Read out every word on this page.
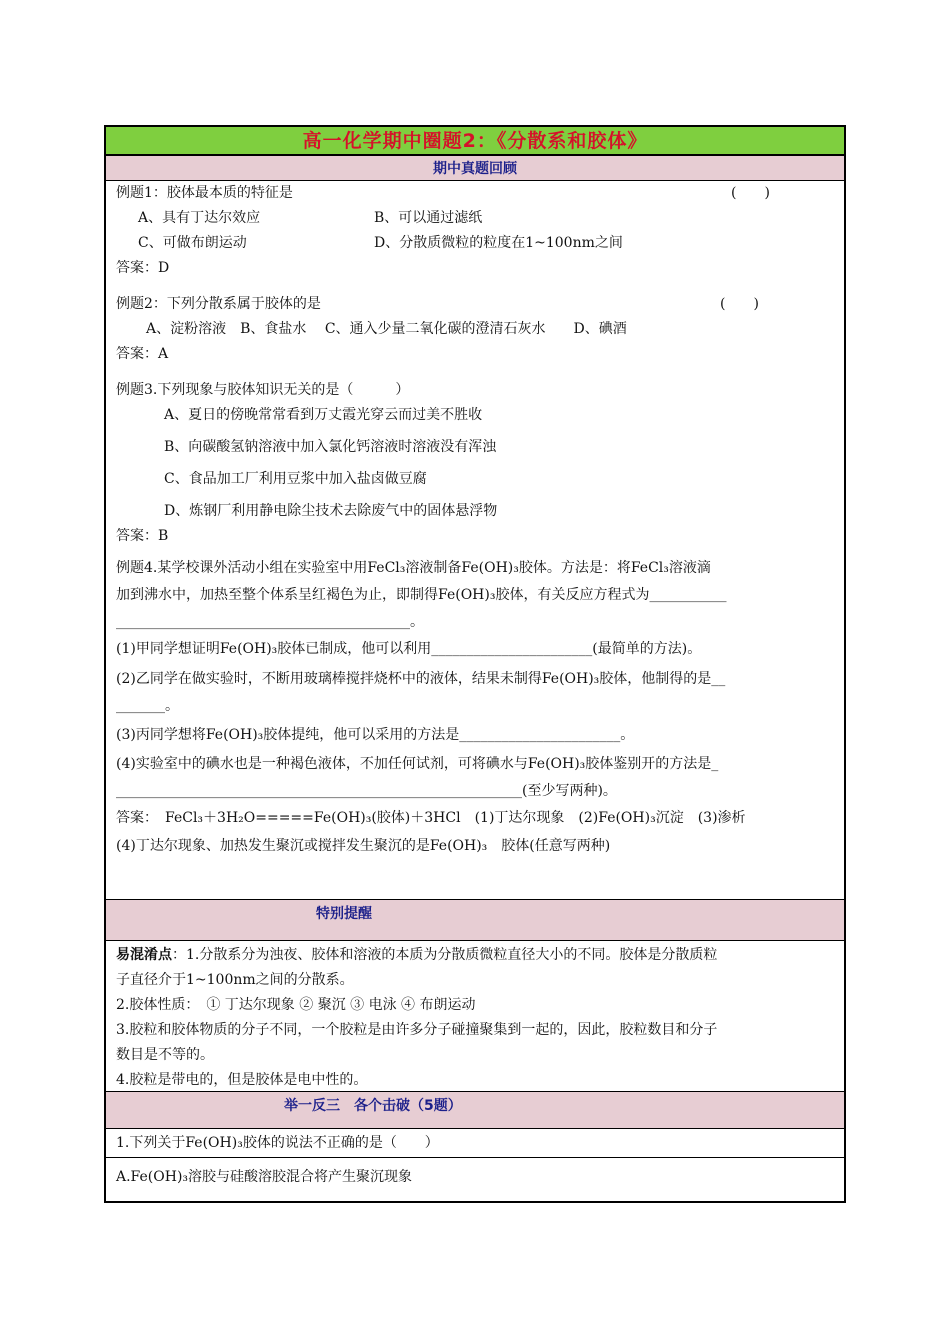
高一化学期中圈题2：《分散系和胶体》
期中真题回顾
例题1：胶体最本质的特征是	(　　)
A、具有丁达尔效应	B、可以通过滤纸
C、可做布朗运动	D、分散质微粒的粒度在1~100nm之间
答案：D
例题2：下列分散系属于胶体的是	(　　)
A、淀粉溶液　B、食盐水　 C、通入少量二氧化碳的澄清石灰水　　D、碘酒
答案：A
例题3.下列现象与胶体知识无关的是（　　　）
A、夏日的傍晚常常看到万丈霞光穿云而过美不胜收
B、向碳酸氢钠溶液中加入氯化钙溶液时溶液没有浑浊
C、食品加工厂利用豆浆中加入盐卤做豆腐
D、炼钢厂利用静电除尘技术去除废气中的固体悬浮物
答案：B
例题4.某学校课外活动小组在实验室中用FeCl₃溶液制备Fe(OH)₃胶体。方法是：将FeCl₃溶液滴
加到沸水中，加热至整个体系呈红褐色为止，即制得Fe(OH)₃胶体，有关反应方程式为___________
__________________________________________。
(1)甲同学想证明Fe(OH)₃胶体已制成，他可以利用_______________________(最简单的方法)。
(2)乙同学在做实验时，不断用玻璃棒搅拌烧杯中的液体，结果未制得Fe(OH)₃胶体，他制得的是__
_______。
(3)丙同学想将Fe(OH)₃胶体提纯，他可以采用的方法是_______________________。
(4)实验室中的碘水也是一种褐色液体，不加任何试剂，可将碘水与Fe(OH)₃胶体鉴别开的方法是_
__________________________________________________________(至少写两种)。
答案：　FeCl₃＋3H₂O=====Fe(OH)₃(胶体)＋3HCl　(1)丁达尔现象　(2)Fe(OH)₃沉淀　(3)渗析
(4)丁达尔现象、加热发生聚沉或搅拌发生聚沉的是Fe(OH)₃　胶体(任意写两种)
特别提醒
易混淆点：1.分散系分为浊夜、胶体和溶液的本质为分散质微粒直径大小的不同。胶体是分散质粒
子直径介于1~100nm之间的分散系。
2.胶体性质：　① 丁达尔现象 ② 聚沉 ③ 电泳 ④ 布朗运动
3.胶粒和胶体物质的分子不同，一个胶粒是由许多分子碰撞聚集到一起的，因此，胶粒数目和分子
数目是不等的。
4.胶粒是带电的，但是胶体是电中性的。
举一反三　各个击破（5题）
1.下列关于Fe(OH)₃胶体的说法不正确的是（　　）
A.Fe(OH)₃溶胶与硅酸溶胶混合将产生聚沉现象
